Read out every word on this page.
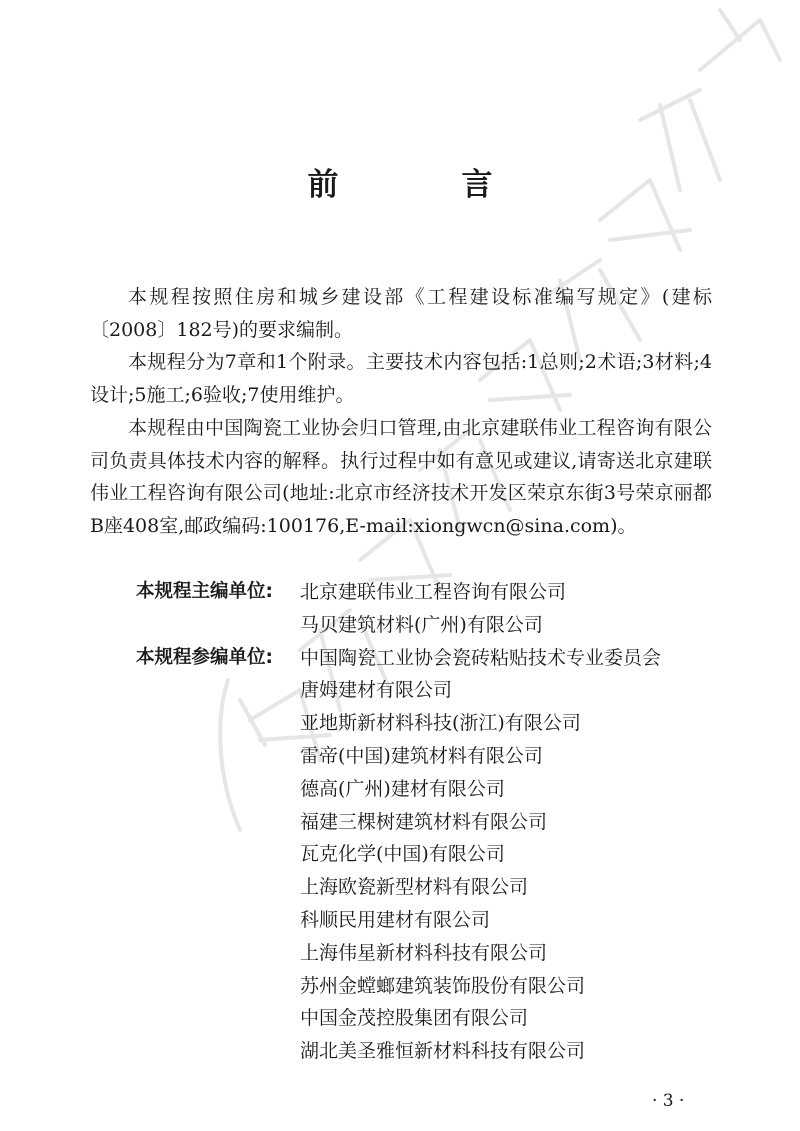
前　言

本规程按照住房和城乡建设部《工程建设标准编写规定》(建标〔2008〕182号)的要求编制。

本规程分为7章和1个附录。主要技术内容包括:1总则;2术语;3材料;4设计;5施工;6验收;7使用维护。

本规程由中国陶瓷工业协会归口管理,由北京建联伟业工程咨询有限公司负责具体技术内容的解释。执行过程中如有意见或建议,请寄送北京建联伟业工程咨询有限公司(地址:北京市经济技术开发区荣京东街3号荣京丽都B座408室,邮政编码:100176,E-mail:xiongwcn@sina.com)。

本规程主编单位:	北京建联伟业工程咨询有限公司
马贝建筑材料(广州)有限公司
本规程参编单位:	中国陶瓷工业协会瓷砖粘贴技术专业委员会
唐姆建材有限公司
亚地斯新材料科技(浙江)有限公司
雷帝(中国)建筑材料有限公司
德高(广州)建材有限公司
福建三棵树建筑材料有限公司
瓦克化学(中国)有限公司
上海欧瓷新型材料有限公司
科顺民用建材有限公司
上海伟星新材料科技有限公司
苏州金螳螂建筑装饰股份有限公司
中国金茂控股集团有限公司
湖北美圣雅恒新材料科技有限公司
· 3 ·
